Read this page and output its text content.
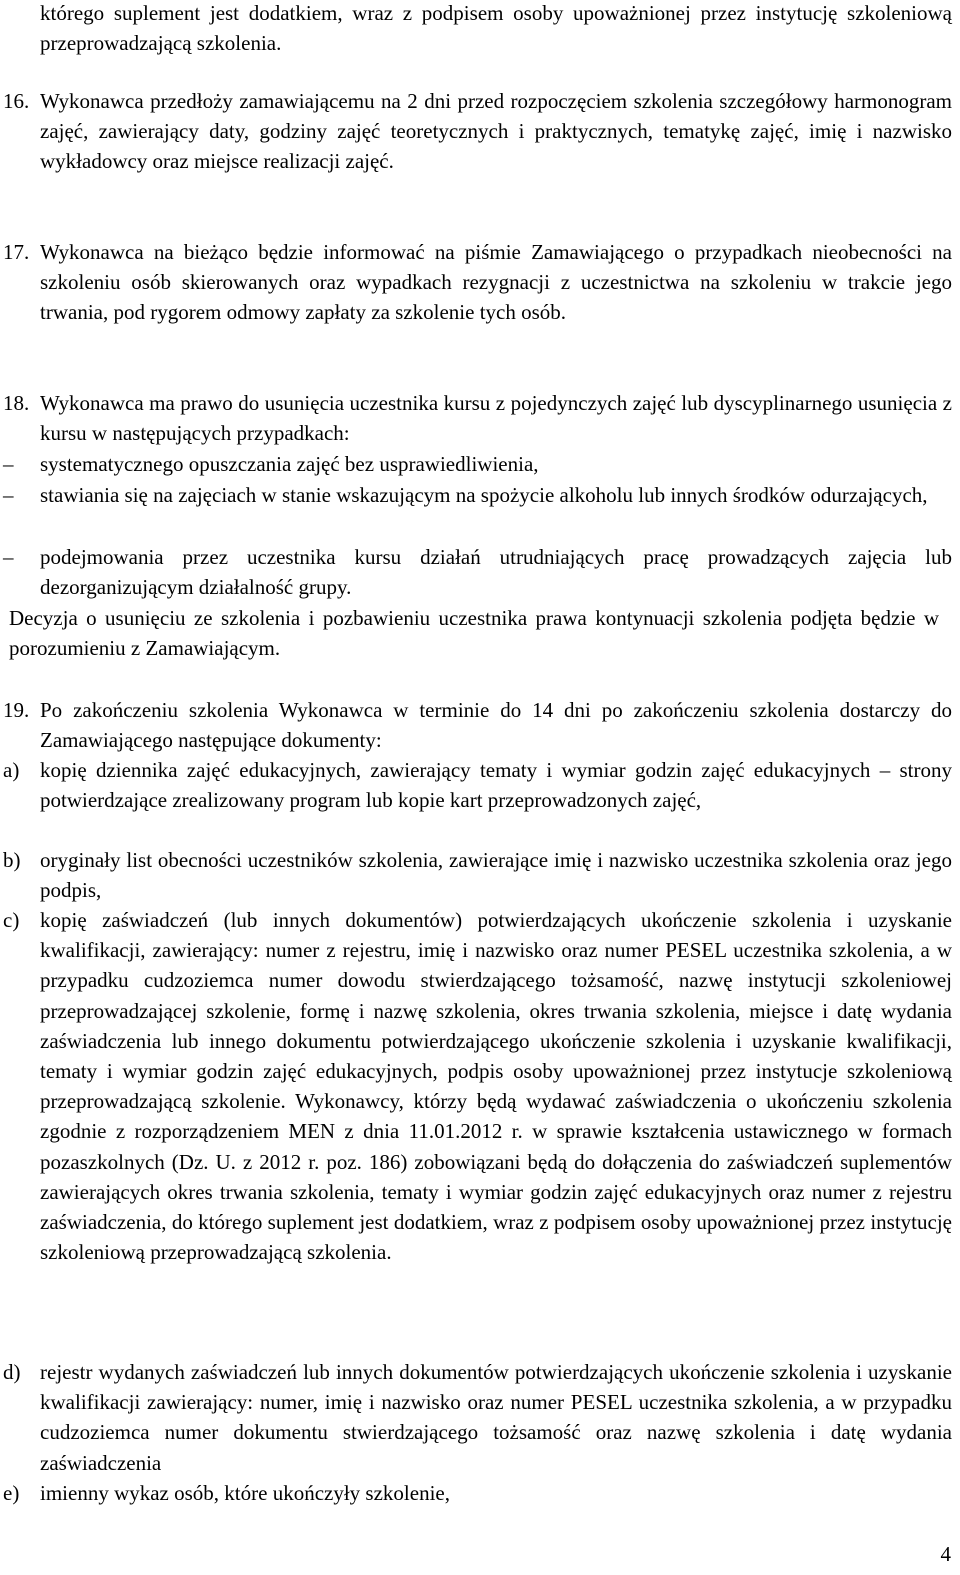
którego suplement jest dodatkiem, wraz z podpisem osoby upoważnionej przez instytucję szkoleniową przeprowadzającą szkolenia.
16. Wykonawca przedłoży zamawiającemu na 2 dni przed rozpoczęciem szkolenia szczegółowy harmonogram zajęć, zawierający daty, godziny zajęć teoretycznych i praktycznych, tematykę zajęć, imię i nazwisko wykładowcy oraz miejsce realizacji zajęć.
17. Wykonawca na bieżąco będzie informować na piśmie Zamawiającego o przypadkach nieobecności na szkoleniu osób skierowanych oraz wypadkach rezygnacji z uczestnictwa na szkoleniu w trakcie jego trwania, pod rygorem odmowy zapłaty za szkolenie tych osób.
18. Wykonawca ma prawo do usunięcia uczestnika kursu z pojedynczych zajęć lub dyscyplinarnego usunięcia z kursu w następujących przypadkach:
– systematycznego opuszczania zajęć bez usprawiedliwienia,
– stawiania się na zajęciach w stanie wskazującym na spożycie alkoholu lub innych środków odurzających,
– podejmowania przez uczestnika kursu działań utrudniających pracę prowadzących zajęcia lub dezorganizującym działalność grupy.
Decyzja o usunięciu ze szkolenia i pozbawieniu uczestnika prawa kontynuacji szkolenia podjęta będzie w porozumieniu z Zamawiającym.
19. Po zakończeniu szkolenia Wykonawca w terminie do 14 dni po zakończeniu szkolenia dostarczy do Zamawiającego następujące dokumenty:
a) kopię dziennika zajęć edukacyjnych, zawierający tematy i wymiar godzin zajęć edukacyjnych – strony potwierdzające zrealizowany program lub kopie kart przeprowadzonych zajęć,
b) oryginały list obecności uczestników szkolenia, zawierające imię i nazwisko uczestnika szkolenia oraz jego podpis,
c) kopię zaświadczeń (lub innych dokumentów) potwierdzających ukończenie szkolenia i uzyskanie kwalifikacji, zawierający: numer z rejestru, imię i nazwisko oraz numer PESEL uczestnika szkolenia, a w przypadku cudzoziemca numer dowodu stwierdzającego tożsamość, nazwę instytucji szkoleniowej przeprowadzającej szkolenie, formę i nazwę szkolenia, okres trwania szkolenia, miejsce i datę wydania zaświadczenia lub innego dokumentu potwierdzającego ukończenie szkolenia i uzyskanie kwalifikacji, tematy i wymiar godzin zajęć edukacyjnych, podpis osoby upoważnionej przez instytucje szkoleniową przeprowadzającą szkolenie. Wykonawcy, którzy będą wydawać zaświadczenia o ukończeniu szkolenia zgodnie z rozporządzeniem MEN z dnia 11.01.2012 r. w sprawie kształcenia ustawicznego w formach pozaszkolnych (Dz. U. z 2012 r. poz. 186) zobowiązani będą do dołączenia do zaświadczeń suplementów zawierających okres trwania szkolenia, tematy i wymiar godzin zajęć edukacyjnych oraz numer z rejestru zaświadczenia, do którego suplement jest dodatkiem, wraz z podpisem osoby upoważnionej przez instytucję szkoleniową przeprowadzającą szkolenia.
d) rejestr wydanych zaświadczeń lub innych dokumentów potwierdzających ukończenie szkolenia i uzyskanie kwalifikacji zawierający: numer, imię i nazwisko oraz numer PESEL uczestnika szkolenia, a w przypadku cudzoziemca numer dokumentu stwierdzającego tożsamość oraz nazwę szkolenia i datę wydania zaświadczenia
e) imienny wykaz osób, które ukończyły szkolenie,
4
